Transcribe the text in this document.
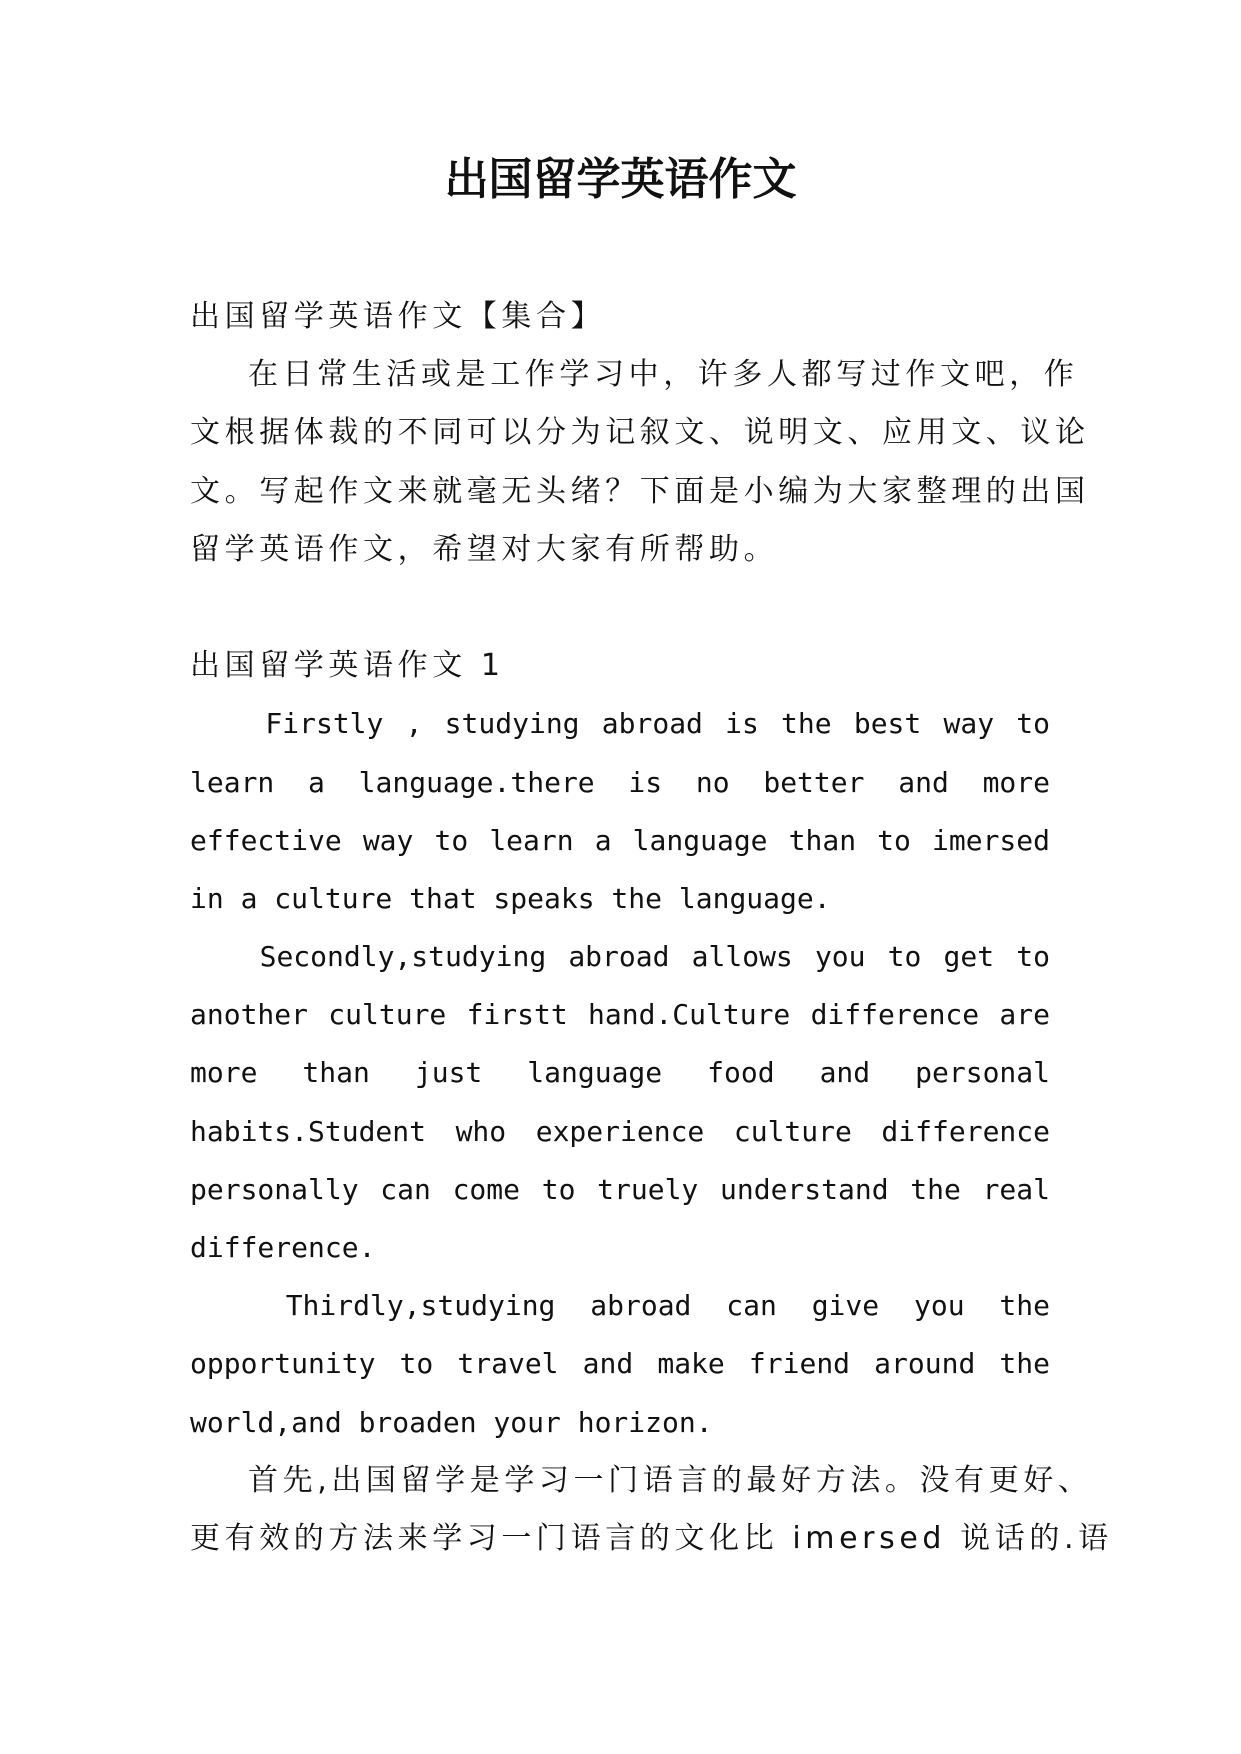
出国留学英语作文
出国留学英语作文【集合】
在日常生活或是工作学习中，许多人都写过作文吧，作
文根据体裁的不同可以分为记叙文、说明文、应用文、议论
文。写起作文来就毫无头绪？下面是小编为大家整理的出国
留学英语作文，希望对大家有所帮助。
出国留学英语作文 1
Firstly , studying abroad is the best way to
learn a language.there is no better and more
effective way to learn a language than to imersed
in a culture that speaks the language.
Secondly,studying abroad allows you to get to
another culture firstt hand.Culture difference are
more than just language food and personal
habits.Student who experience culture difference
personally can come to truely understand the real
difference.
Thirdly,studying abroad can give you the
opportunity to travel and make friend around the
world,and broaden your horizon.
首先,出国留学是学习一门语言的最好方法。没有更好、
更有效的方法来学习一门语言的文化比 imersed 说话的.语
